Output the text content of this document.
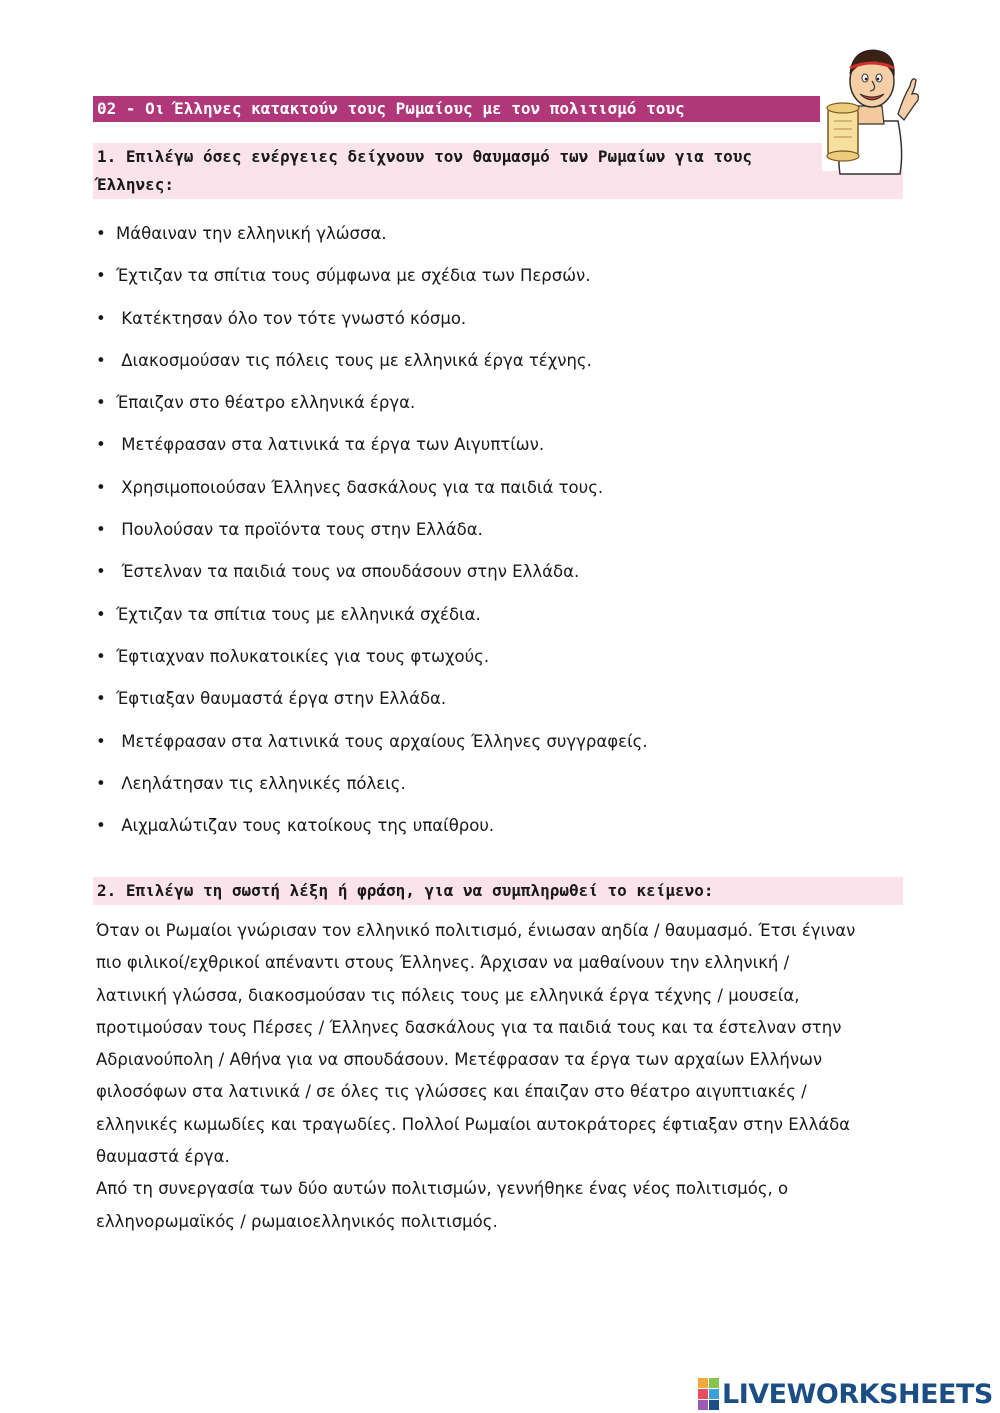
02 - Οι Έλληνες κατακτούν τους Ρωμαίους με τον πολιτισμό τους
1. Επιλέγω όσες ενέργειες δείχνουν τον θαυμασμό των Ρωμαίων για τους
Έλληνες:
• Μάθαιναν την ελληνική γλώσσα.
• Έχτιζαν τα σπίτια τους σύμφωνα με σχέδια των Περσών.
• Κατέκτησαν όλο τον τότε γνωστό κόσμο.
• Διακοσμούσαν τις πόλεις τους με ελληνικά έργα τέχνης.
• Έπαιζαν στο θέατρο ελληνικά έργα.
• Μετέφρασαν στα λατινικά τα έργα των Αιγυπτίων.
• Χρησιμοποιούσαν Έλληνες δασκάλους για τα παιδιά τους.
• Πουλούσαν τα προϊόντα τους στην Ελλάδα.
• Έστελναν τα παιδιά τους να σπουδάσουν στην Ελλάδα.
• Έχτιζαν τα σπίτια τους με ελληνικά σχέδια.
• Έφτιαχναν πολυκατοικίες για τους φτωχούς.
• Έφτιαξαν θαυμαστά έργα στην Ελλάδα.
• Μετέφρασαν στα λατινικά τους αρχαίους Έλληνες συγγραφείς.
• Λεηλάτησαν τις ελληνικές πόλεις.
• Αιχμαλώτιζαν τους κατοίκους της υπαίθρου.
2. Επιλέγω τη σωστή λέξη ή φράση, για να συμπληρωθεί το κείμενο:

Όταν οι Ρωμαίοι γνώρισαν τον ελληνικό πολιτισμό, ένιωσαν αηδία / θαυμασμό. Έτσι έγιναν

πιο φιλικοί/εχθρικοί απέναντι στους Έλληνες. Άρχισαν να μαθαίνουν την ελληνική /

λατινική γλώσσα, διακοσμούσαν τις πόλεις τους με ελληνικά έργα τέχνης / μουσεία,

προτιμούσαν τους Πέρσες / Έλληνες δασκάλους για τα παιδιά τους και τα έστελναν στην

Αδριανούπολη / Αθήνα για να σπουδάσουν. Μετέφρασαν τα έργα των αρχαίων Ελλήνων

φιλοσόφων στα λατινικά / σε όλες τις γλώσσες και έπαιζαν στο θέατρο αιγυπτιακές /

ελληνικές κωμωδίες και τραγωδίες. Πολλοί Ρωμαίοι αυτοκράτορες έφτιαξαν στην Ελλάδα

θαυμαστά έργα.

Από τη συνεργασία των δύο αυτών πολιτισμών, γεννήθηκε ένας νέος πολιτισμός, ο

ελληνορωμαϊκός / ρωμαιοελληνικός πολιτισμός.

LIVEWORKSHEETS
